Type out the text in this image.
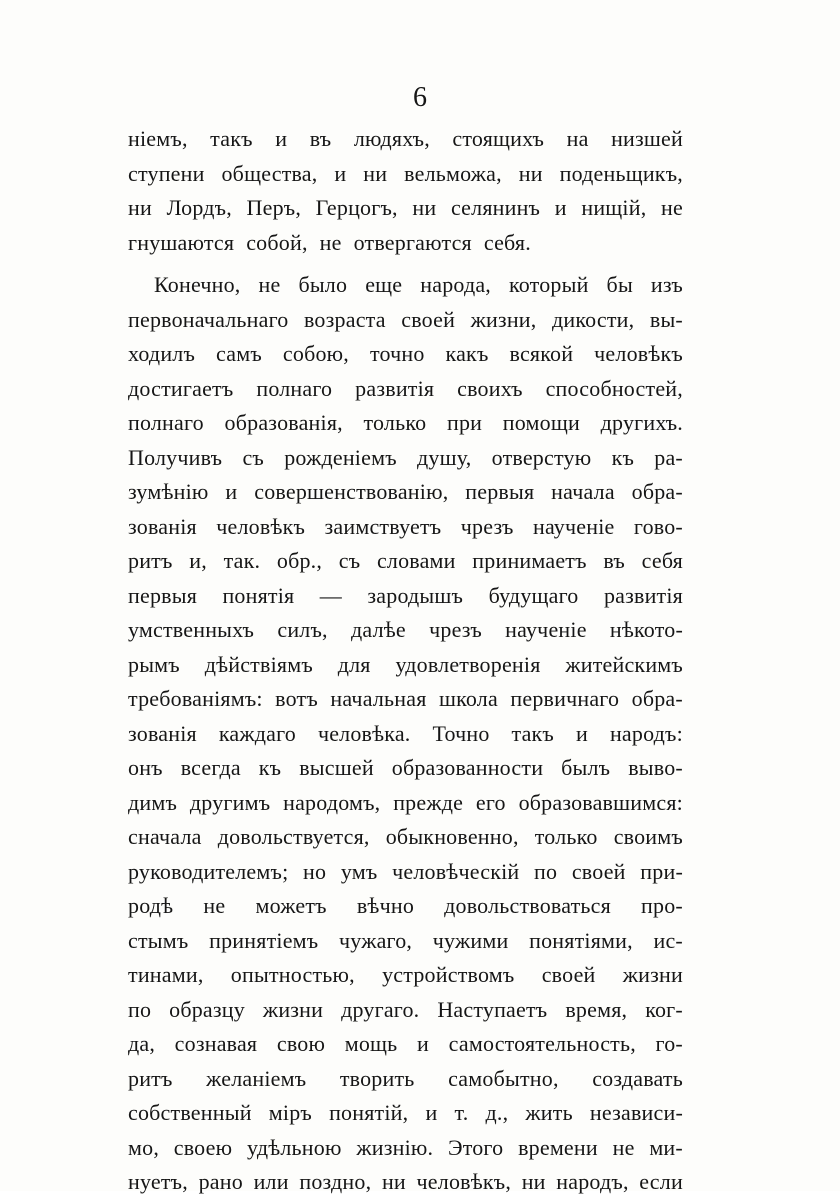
6
ніемъ, такъ и въ людяхъ, стоящихъ на низшей
ступени общества, и ни вельможа, ни поденьщикъ,
ни Лордъ, Перъ, Герцогъ, ни селянинъ и нищій, не
гнушаются собой, не отвергаются себя.
Конечно, не было еще народа, который бы изъ
первоначальнаго возраста своей жизни, дикости, вы-
ходилъ самъ собою, точно какъ всякой человѣкъ
достигаетъ полнаго развитія своихъ способностей,
полнаго образованія, только при помощи другихъ.
Получивъ съ рожденіемъ душу, отверстую къ ра-
зумѣнію и совершенствованію, первыя начала обра-
зованія человѣкъ заимствуетъ чрезъ наученіе гово-
ритъ и, так. обр., съ словами принимаетъ въ себя
первыя понятія — зародышъ будущаго развитія
умственныхъ силъ, далѣе чрезъ наученіе нѣкото-
рымъ дѣйствіямъ для удовлетворенія житейскимъ
требованіямъ: вотъ начальная школа первичнаго обра-
зованія каждаго человѣка. Точно такъ и народъ:
онъ всегда къ высшей образованности былъ выво-
димъ другимъ народомъ, прежде его образовавшимся:
сначала довольствуется, обыкновенно, только своимъ
руководителемъ; но умъ человѣческій по своей при-
родѣ не можетъ вѣчно довольствоваться про-
стымъ принятіемъ чужаго, чужими понятіями, ис-
тинами, опытностью, устройствомъ своей жизни
по образцу жизни другаго. Наступаетъ время, ког-
да, сознавая свою мощь и самостоятельность, го-
ритъ желаніемъ творить самобытно, создавать
собственный міръ понятій, и т. д., жить независи-
мо, своею удѣльною жизнію. Этого времени не ми-
нуетъ, рано или поздно, ни человѣкъ, ни народъ, если
